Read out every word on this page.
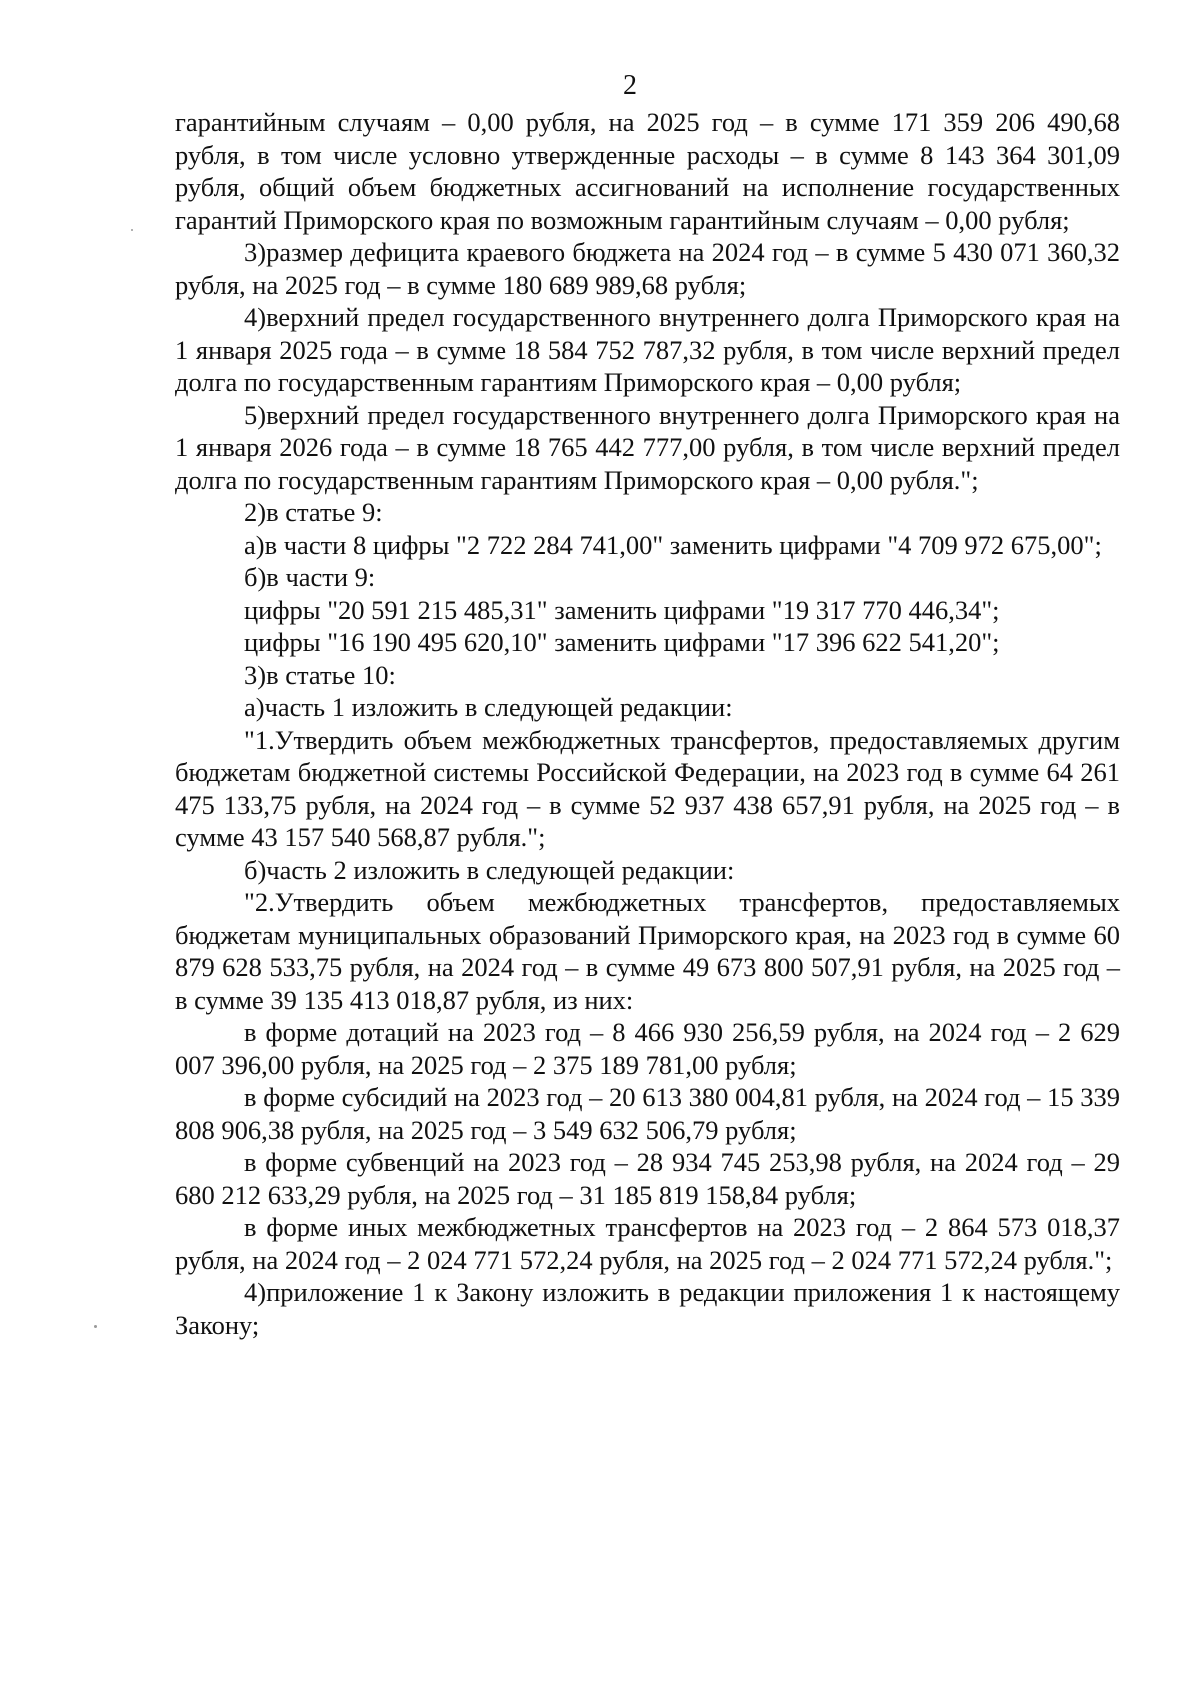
2

гарантийным случаям – 0,00 рубля, на 2025 год – в сумме 171 359 206 490,68 рубля, в том числе условно утвержденные расходы – в сумме 8 143 364 301,09 рубля, общий объем бюджетных ассигнований на исполнение государственных гарантий Приморского края по возможным гарантийным случаям – 0,00 рубля;

3)размер дефицита краевого бюджета на 2024 год – в сумме 5 430 071 360,32 рубля, на 2025 год – в сумме 180 689 989,68 рубля;

4)верхний предел государственного внутреннего долга Приморского края на 1 января 2025 года – в сумме 18 584 752 787,32 рубля, в том числе верхний предел долга по государственным гарантиям Приморского края – 0,00 рубля;

5)верхний предел государственного внутреннего долга Приморского края на 1 января 2026 года – в сумме 18 765 442 777,00 рубля, в том числе верхний предел долга по государственным гарантиям Приморского края – 0,00 рубля.";

2)в статье 9:

а)в части 8 цифры "2 722 284 741,00" заменить цифрами "4 709 972 675,00";

б)в части 9:

цифры "20 591 215 485,31" заменить цифрами "19 317 770 446,34";

цифры "16 190 495 620,10" заменить цифрами "17 396 622 541,20";

3)в статье 10:

а)часть 1 изложить в следующей редакции:

"1.Утвердить объем межбюджетных трансфертов, предоставляемых другим бюджетам бюджетной системы Российской Федерации, на 2023 год в сумме 64 261 475 133,75 рубля, на 2024 год – в сумме 52 937 438 657,91 рубля, на 2025 год – в сумме 43 157 540 568,87 рубля.";

б)часть 2 изложить в следующей редакции:

"2.Утвердить объем межбюджетных трансфертов, предоставляемых бюджетам муниципальных образований Приморского края, на 2023 год в сумме 60 879 628 533,75 рубля, на 2024 год – в сумме 49 673 800 507,91 рубля, на 2025 год – в сумме 39 135 413 018,87 рубля, из них:

в форме дотаций на 2023 год – 8 466 930 256,59 рубля, на 2024 год – 2 629 007 396,00 рубля, на 2025 год – 2 375 189 781,00 рубля;

в форме субсидий на 2023 год – 20 613 380 004,81 рубля, на 2024 год – 15 339 808 906,38 рубля, на 2025 год – 3 549 632 506,79 рубля;

в форме субвенций на 2023 год – 28 934 745 253,98 рубля, на 2024 год – 29 680 212 633,29 рубля, на 2025 год – 31 185 819 158,84 рубля;

в форме иных межбюджетных трансфертов на 2023 год – 2 864 573 018,37 рубля, на 2024 год – 2 024 771 572,24 рубля, на 2025 год – 2 024 771 572,24 рубля.";

4)приложение 1 к Закону изложить в редакции приложения 1 к настоящему Закону;
